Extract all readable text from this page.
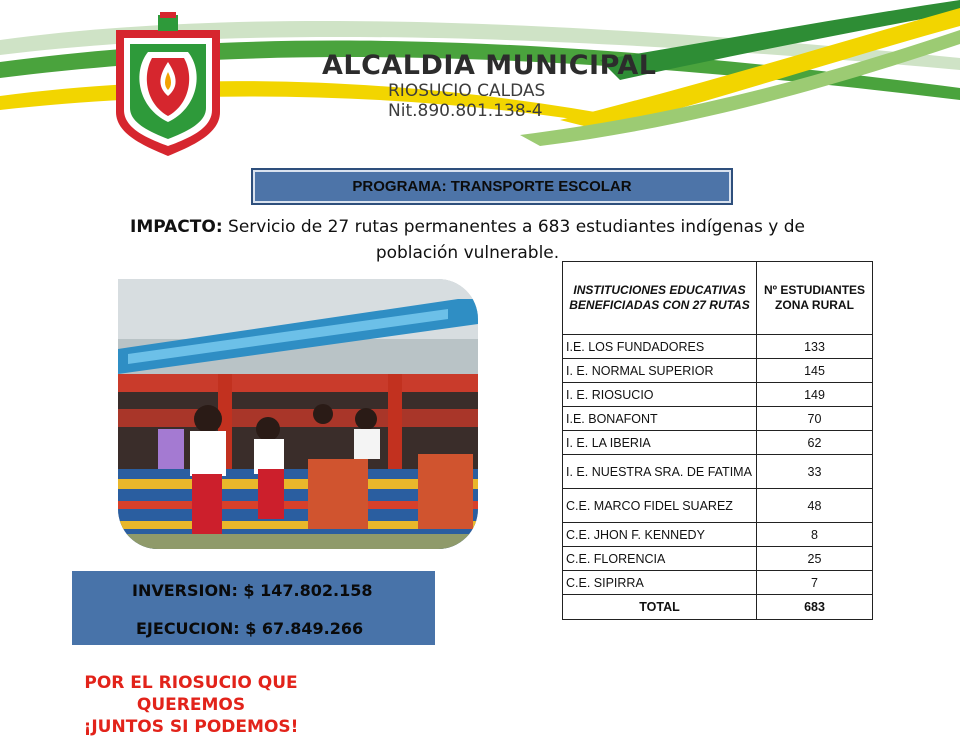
ALCALDIA MUNICIPAL
RIOSUCIO CALDAS
Nit.890.801.138-4
PROGRAMA: TRANSPORTE ESCOLAR
IMPACTO: Servicio de 27 rutas permanentes a 683 estudiantes indígenas y de población vulnerable.
INVERSION: $ 147.802.158
EJECUCION: $ 67.849.266
INSTITUCIONES EDUCATIVAS BENEFICIADAS CON 27 RUTAS	Nº ESTUDIANTES ZONA RURAL
I.E. LOS FUNDADORES	133
I. E. NORMAL SUPERIOR	145
I. E. RIOSUCIO	149
I.E. BONAFONT	70
I. E. LA IBERIA	62
I. E. NUESTRA SRA. DE FATIMA	33
C.E. MARCO FIDEL SUAREZ	48
C.E. JHON F. KENNEDY	8
C.E. FLORENCIA	25
C.E. SIPIRRA	7
TOTAL	683
POR EL RIOSUCIO QUE QUEREMOS
¡JUNTOS SI PODEMOS!
